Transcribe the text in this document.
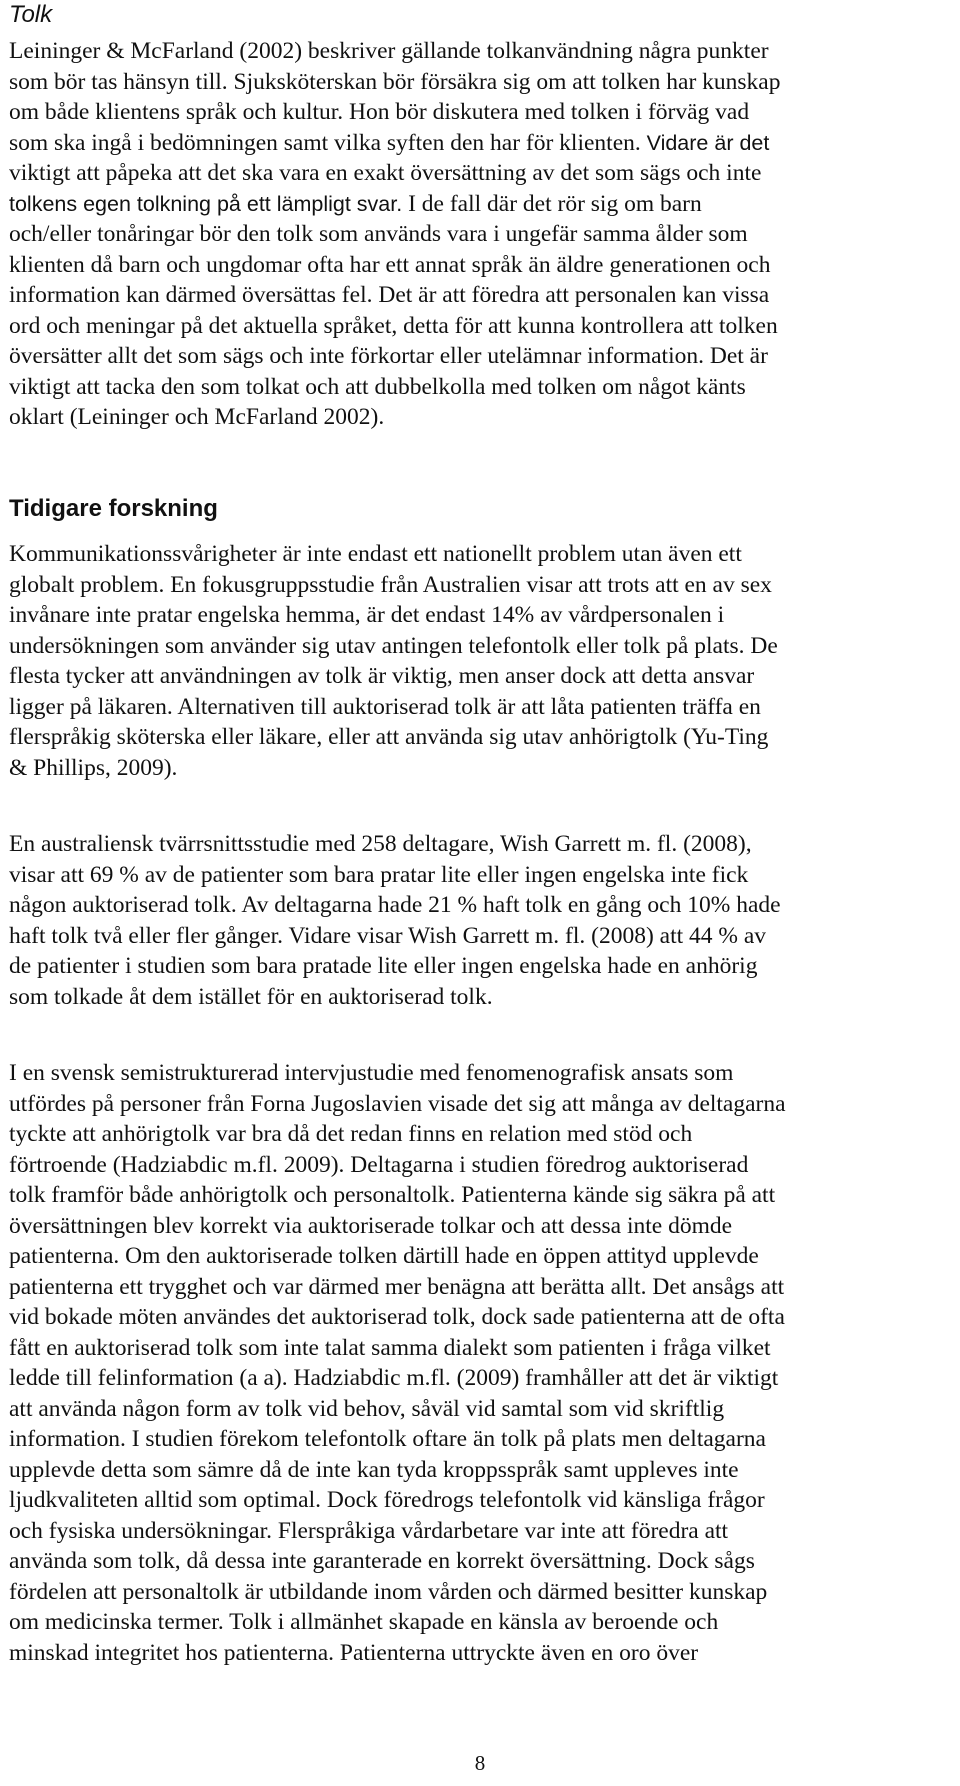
Tolk
Leininger & McFarland (2002) beskriver gällande tolkanvändning några punkter
som bör tas hänsyn till. Sjuksköterskan bör försäkra sig om att tolken har kunskap
om både klientens språk och kultur. Hon bör diskutera med tolken i förväg vad
som ska ingå i bedömningen samt vilka syften den har för klienten. Vidare är det
viktigt att påpeka att det ska vara en exakt översättning av det som sägs och inte
tolkens egen tolkning på ett lämpligt svar. I de fall där det rör sig om barn
och/eller tonåringar bör den tolk som används vara i ungefär samma ålder som
klienten då barn och ungdomar ofta har ett annat språk än äldre generationen och
information kan därmed översättas fel. Det är att föredra att personalen kan vissa
ord och meningar på det aktuella språket, detta för att kunna kontrollera att tolken
översätter allt det som sägs och inte förkortar eller utelämnar information. Det är
viktigt att tacka den som tolkat och att dubbelkolla med tolken om något känts
oklart (Leininger och McFarland 2002).
Tidigare forskning
Kommunikationssvårigheter är inte endast ett nationellt problem utan även ett
globalt problem. En fokusgruppsstudie från Australien visar att trots att en av sex
invånare inte pratar engelska hemma, är det endast 14% av vårdpersonalen i
undersökningen som använder sig utav antingen telefontolk eller tolk på plats. De
flesta tycker att användningen av tolk är viktig, men anser dock att detta ansvar
ligger på läkaren. Alternativen till auktoriserad tolk är att låta patienten träffa en
flerspråkig sköterska eller läkare, eller att använda sig utav anhörigtolk (Yu-Ting
& Phillips, 2009).
En australiensk tvärrsnittsstudie med 258 deltagare, Wish Garrett m. fl. (2008),
visar att 69 % av de patienter som bara pratar lite eller ingen engelska inte fick
någon auktoriserad tolk. Av deltagarna hade 21 % haft tolk en gång och 10% hade
haft tolk två eller fler gånger. Vidare visar Wish Garrett m. fl. (2008) att 44 % av
de patienter i studien som bara pratade lite eller ingen engelska hade en anhörig
som tolkade åt dem istället för en auktoriserad tolk.
I en svensk semistrukturerad intervjustudie med fenomenografisk ansats som
utfördes på personer från Forna Jugoslavien visade det sig att många av deltagarna
tyckte att anhörigtolk var bra då det redan finns en relation med stöd och
förtroende (Hadziabdic m.fl. 2009). Deltagarna i studien föredrog auktoriserad
tolk framför både anhörigtolk och personaltolk. Patienterna kände sig säkra på att
översättningen blev korrekt via auktoriserade tolkar och att dessa inte dömde
patienterna. Om den auktoriserade tolken därtill hade en öppen attityd upplevde
patienterna ett trygghet och var därmed mer benägna att berätta allt. Det ansågs att
vid bokade möten användes det auktoriserad tolk, dock sade patienterna att de ofta
fått en auktoriserad tolk som inte talat samma dialekt som patienten i fråga vilket
ledde till felinformation (a a). Hadziabdic m.fl. (2009) framhåller att det är viktigt
att använda någon form av tolk vid behov, såväl vid samtal som vid skriftlig
information. I studien förekom telefontolk oftare än tolk på plats men deltagarna
upplevde detta som sämre då de inte kan tyda kroppsspråk samt uppleves inte
ljudkvaliteten alltid som optimal. Dock föredrogs telefontolk vid känsliga frågor
och fysiska undersökningar. Flerspråkiga vårdarbetare var inte att föredra att
använda som tolk, då dessa inte garanterade en korrekt översättning. Dock sågs
fördelen att personaltolk är utbildande inom vården och därmed besitter kunskap
om medicinska termer. Tolk i allmänhet skapade en känsla av beroende och
minskad integritet hos patienterna. Patienterna uttryckte även en oro över
8
